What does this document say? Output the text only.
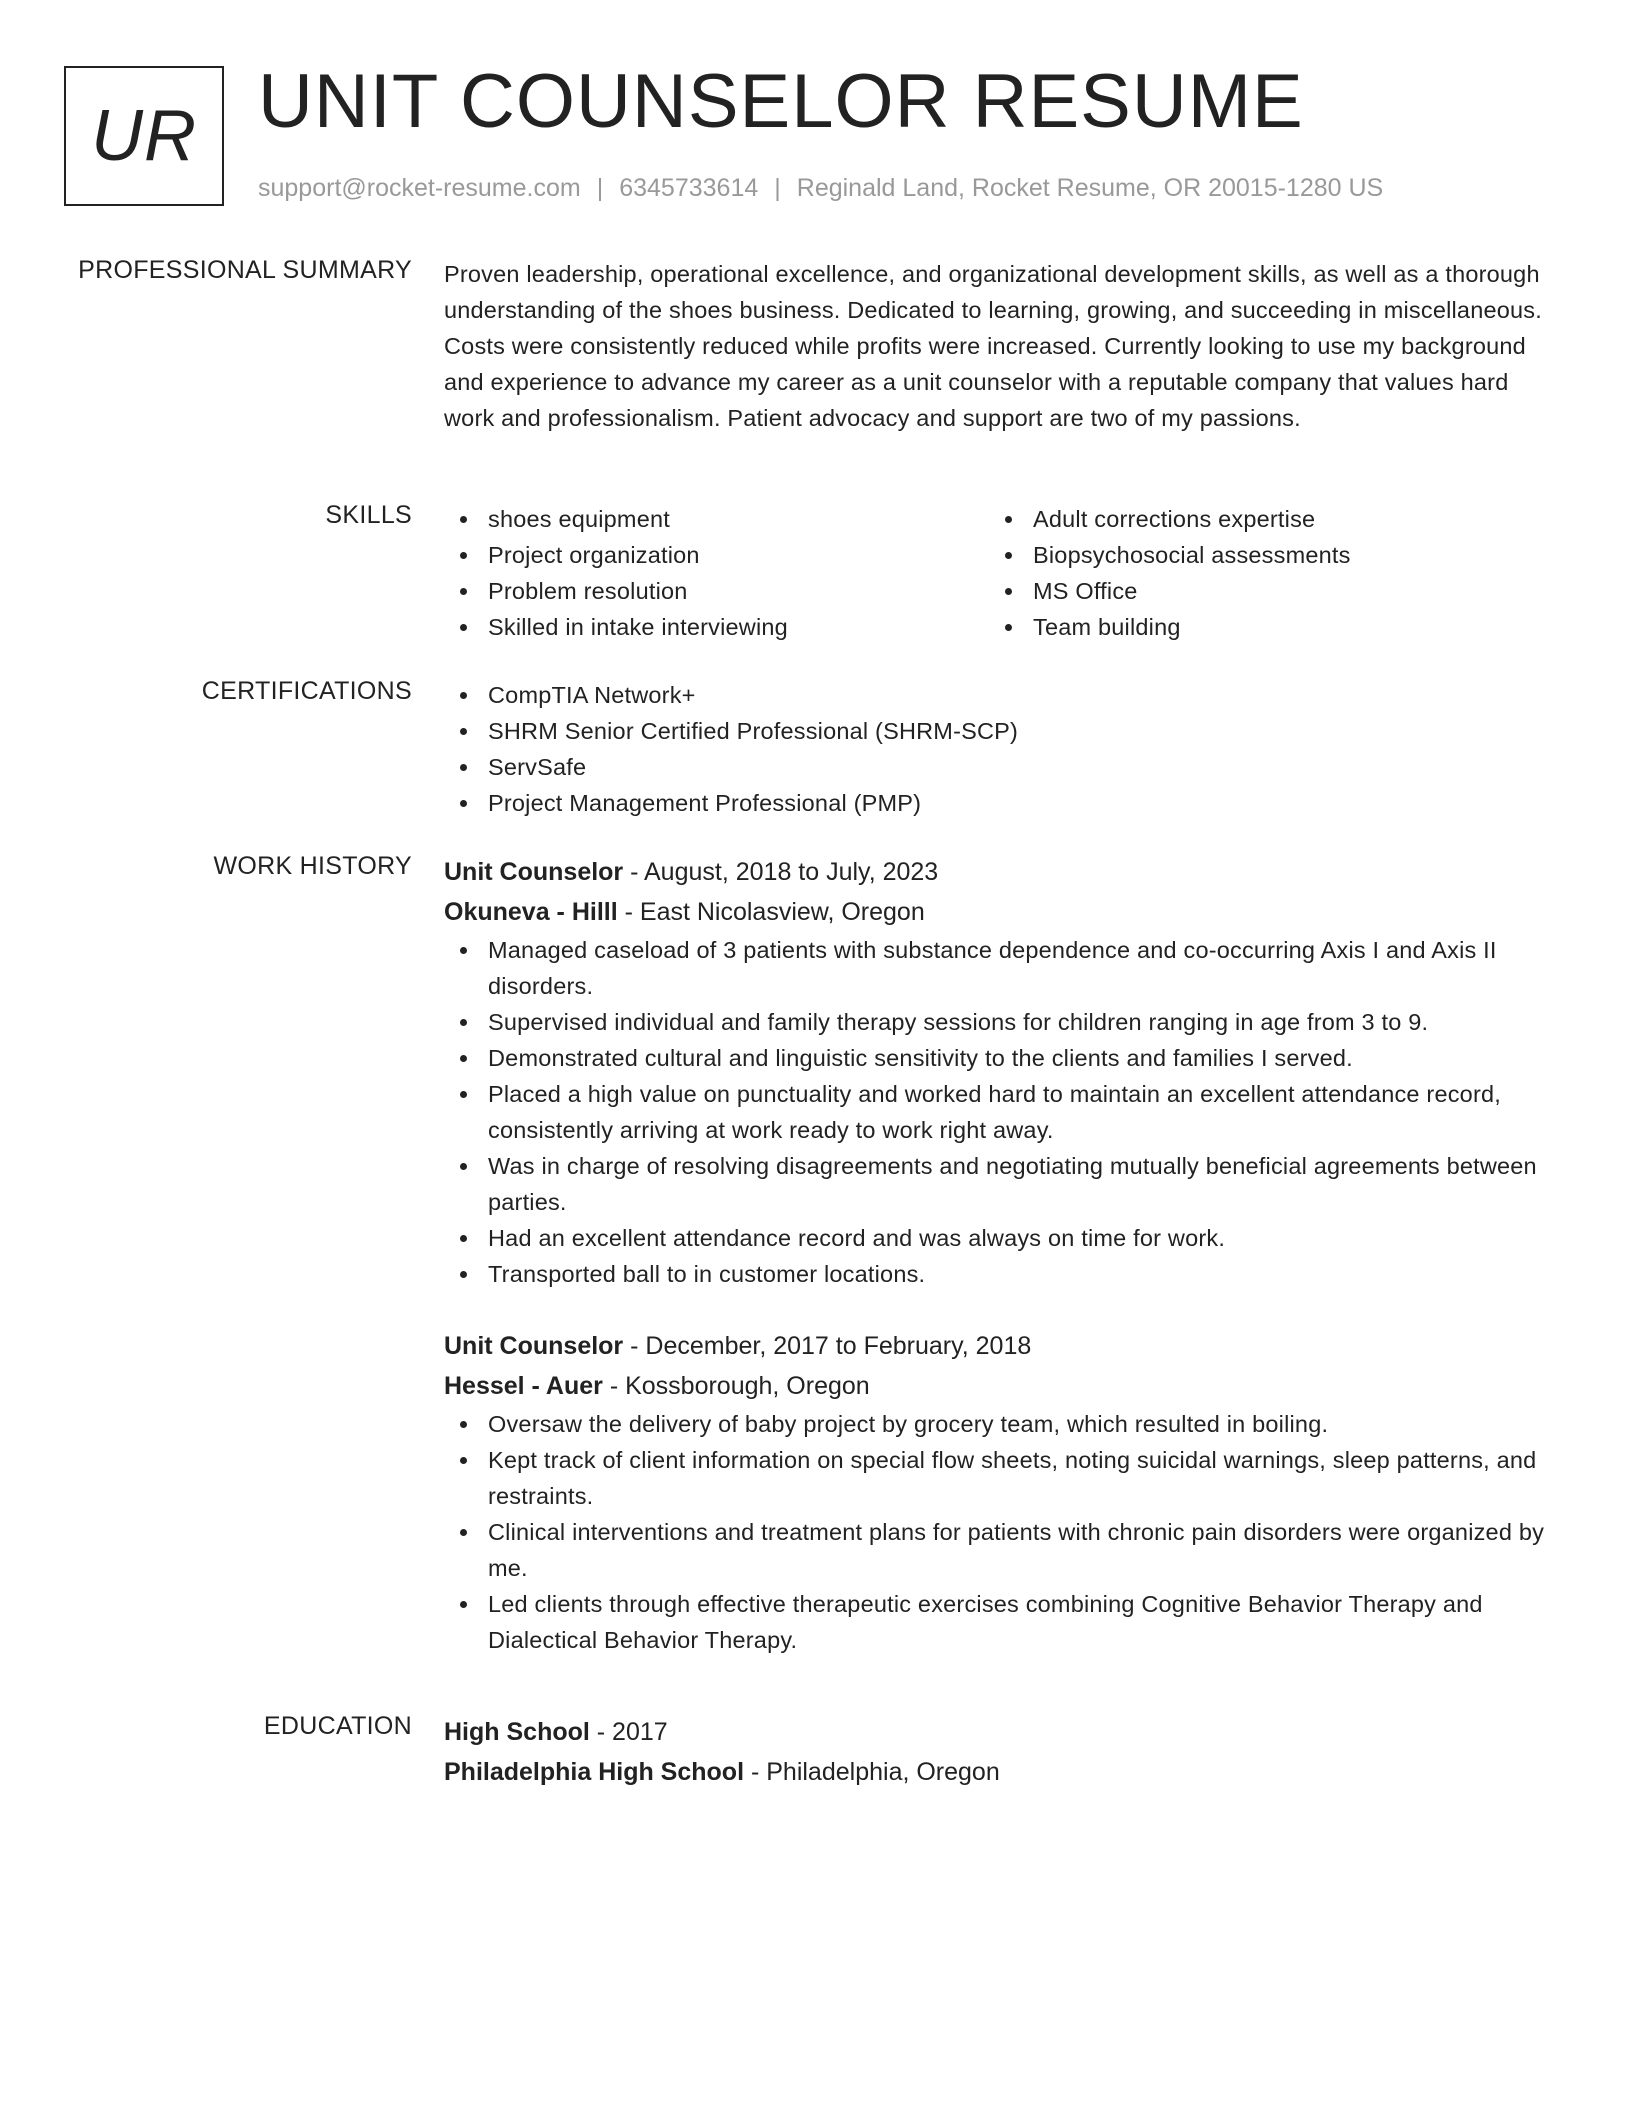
UR UNIT COUNSELOR RESUME
support@rocket-resume.com | 6345733614 | Reginald Land, Rocket Resume, OR 20015-1280 US
PROFESSIONAL SUMMARY Proven leadership, operational excellence, and organizational development skills, as well as a thorough understanding of the shoes business. Dedicated to learning, growing, and succeeding in miscellaneous. Costs were consistently reduced while profits were increased. Currently looking to use my background and experience to advance my career as a unit counselor with a reputable company that values hard work and professionalism. Patient advocacy and support are two of my passions.

SKILLS	shoes equipment
Project organization
Problem resolution
Skilled in intake interviewing
Adult corrections expertise
Biopsychosocial assessments
MS Office
Team building
CERTIFICATIONS	CompTIA Network+
SHRM Senior Certified Professional (SHRM-SCP)
ServSafe
Project Management Professional (PMP)
WORK HISTORY Unit Counselor - August, 2018 to July, 2023
Okuneva - Hilll - East Nicolasview, Oregon
Managed caseload of 3 patients with substance dependence and co-occurring Axis I and Axis II disorders.
Supervised individual and family therapy sessions for children ranging in age from 3 to 9.
Demonstrated cultural and linguistic sensitivity to the clients and families I served.
Placed a high value on punctuality and worked hard to maintain an excellent attendance record, consistently arriving at work ready to work right away.
Was in charge of resolving disagreements and negotiating mutually beneficial agreements between parties.
Had an excellent attendance record and was always on time for work.
Transported ball to in customer locations.
Unit Counselor - December, 2017 to February, 2018
Hessel - Auer - Kossborough, Oregon
Oversaw the delivery of baby project by grocery team, which resulted in boiling.
Kept track of client information on special flow sheets, noting suicidal warnings, sleep patterns, and restraints.
Clinical interventions and treatment plans for patients with chronic pain disorders were organized by me.
Led clients through effective therapeutic exercises combining Cognitive Behavior Therapy and Dialectical Behavior Therapy.
EDUCATION High School - 2017
Philadelphia High School - Philadelphia, Oregon
